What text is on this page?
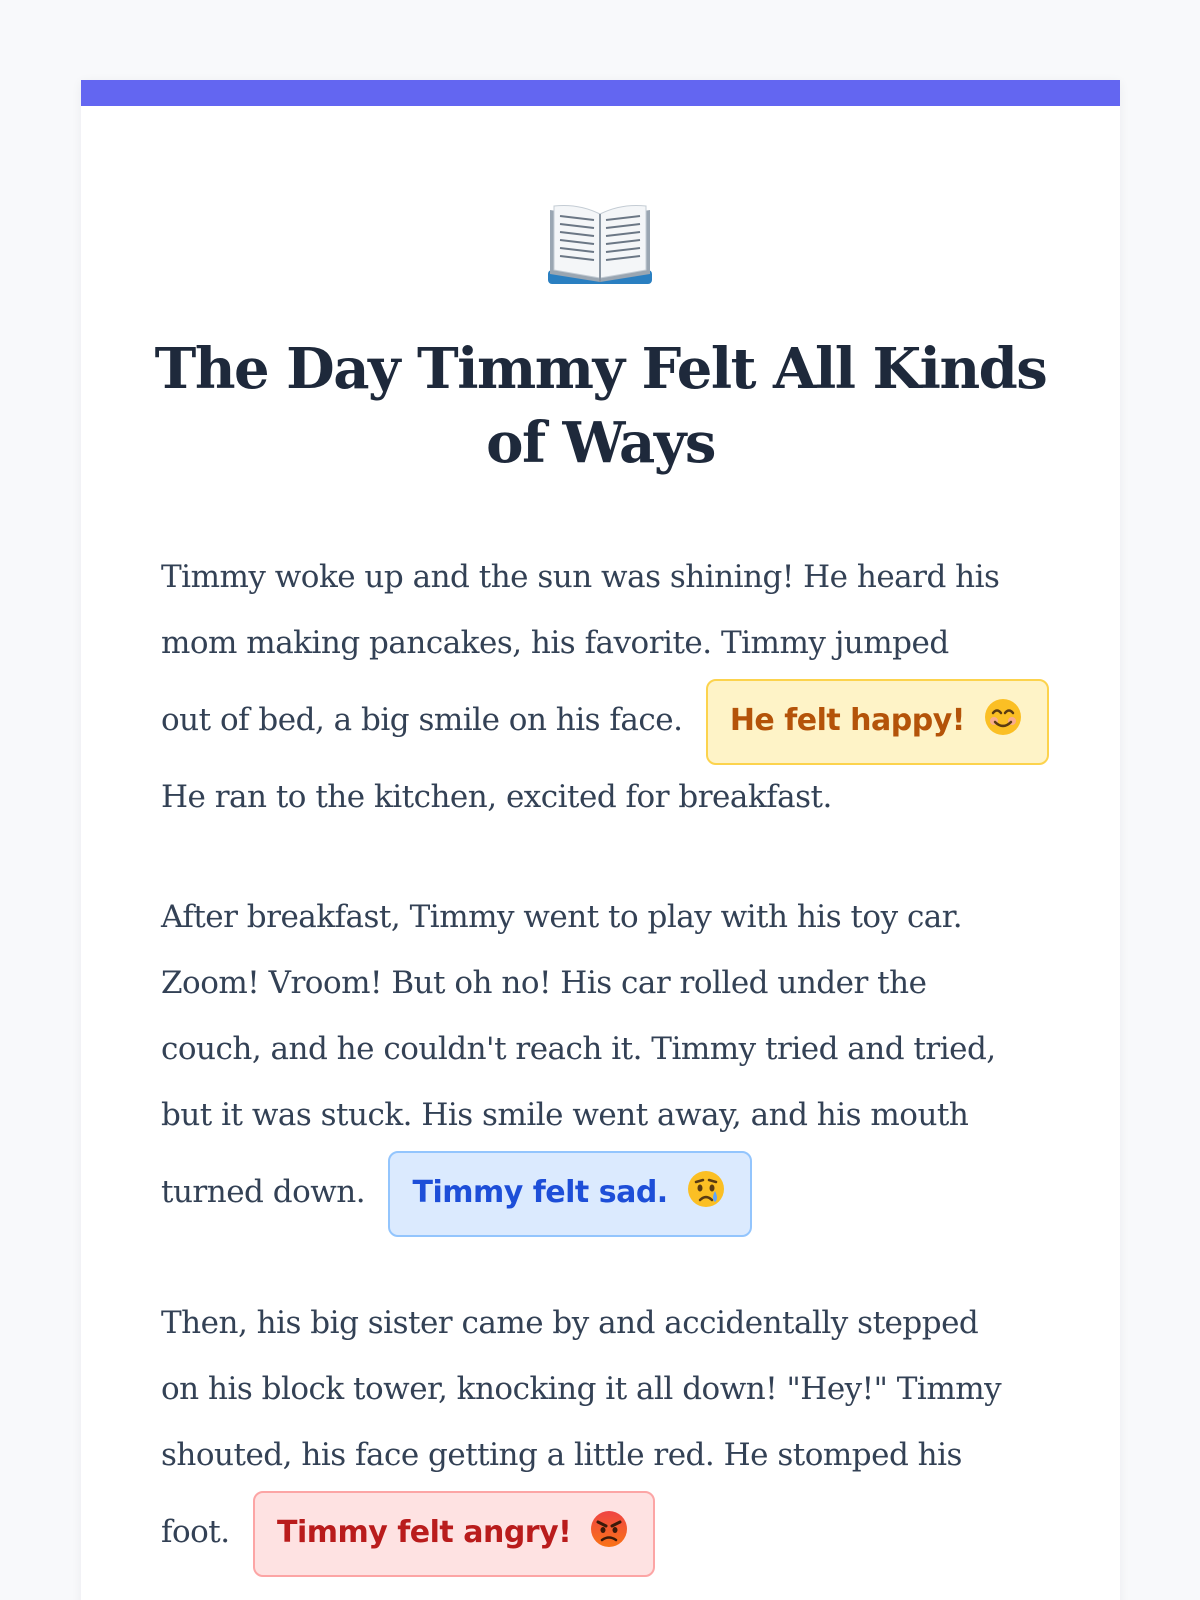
The Day Timmy Felt All Kinds
of Ways

Timmy woke up and the sun was shining! He heard his
mom making pancakes, his favorite. Timmy jumped
out of bed, a big smile on his face. He felt happy!
He ran to the kitchen, excited for breakfast.

After breakfast, Timmy went to play with his toy car.
Zoom! Vroom! But oh no! His car rolled under the
couch, and he couldn't reach it. Timmy tried and tried,
but it was stuck. His smile went away, and his mouth
turned down. Timmy felt sad.

Then, his big sister came by and accidentally stepped
on his block tower, knocking it all down! "Hey!" Timmy
shouted, his face getting a little red. He stomped his
foot. Timmy felt angry!
